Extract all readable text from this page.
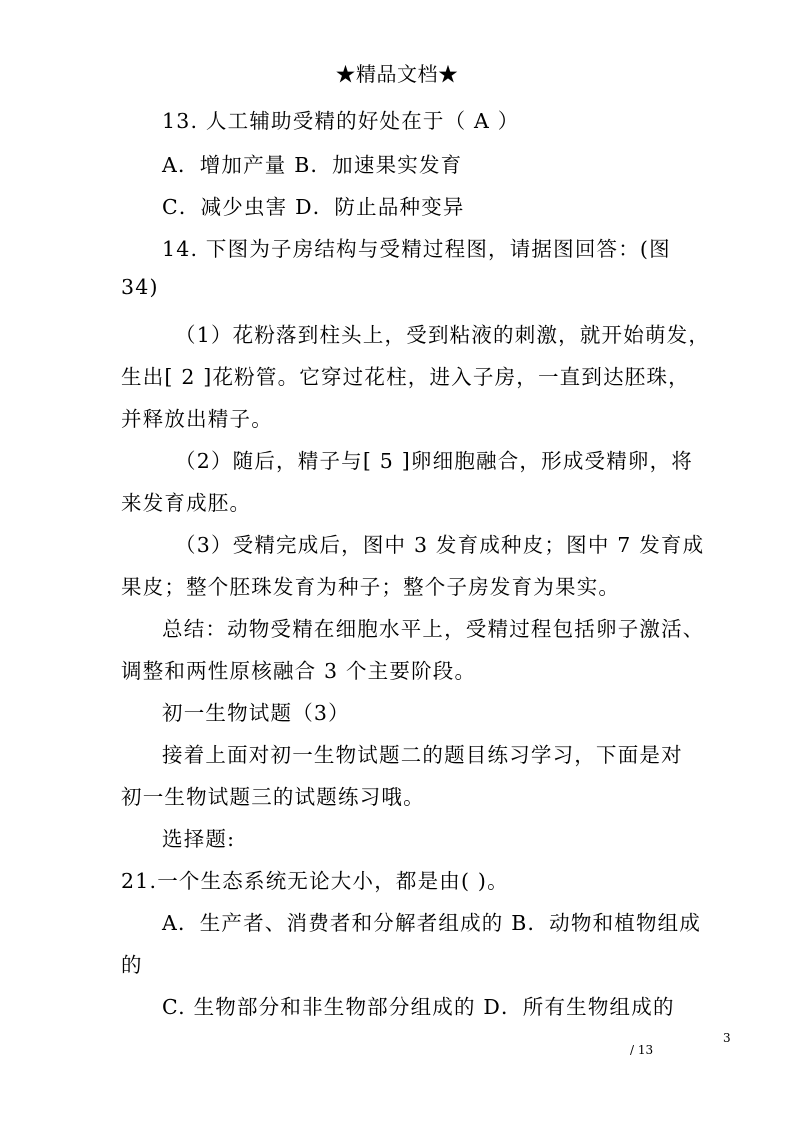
★精品文档★
13. 人工辅助受精的好处在于（ A ）
A．增加产量 B．加速果实发育
C．减少虫害 D．防止品种变异
14. 下图为子房结构与受精过程图，请据图回答：(图
34)
（1）花粉落到柱头上，受到粘液的刺激，就开始萌发，
生出[ 2 ]花粉管。它穿过花柱，进入子房，一直到达胚珠，
并释放出精子。
（2）随后，精子与[ 5 ]卵细胞融合，形成受精卵，将
来发育成胚。
（3）受精完成后，图中 3 发育成种皮；图中 7 发育成
果皮；整个胚珠发育为种子；整个子房发育为果实。
总结：动物受精在细胞水平上，受精过程包括卵子激活、
调整和两性原核融合 3 个主要阶段。
初一生物试题（3）
接着上面对初一生物试题二的题目练习学习，下面是对
初一生物试题三的试题练习哦。
选择题:
21.一个生态系统无论大小，都是由( )。
A．生产者、消费者和分解者组成的 B．动物和植物组成
的
C. 生物部分和非生物部分组成的 D．所有生物组成的
3
/ 13
